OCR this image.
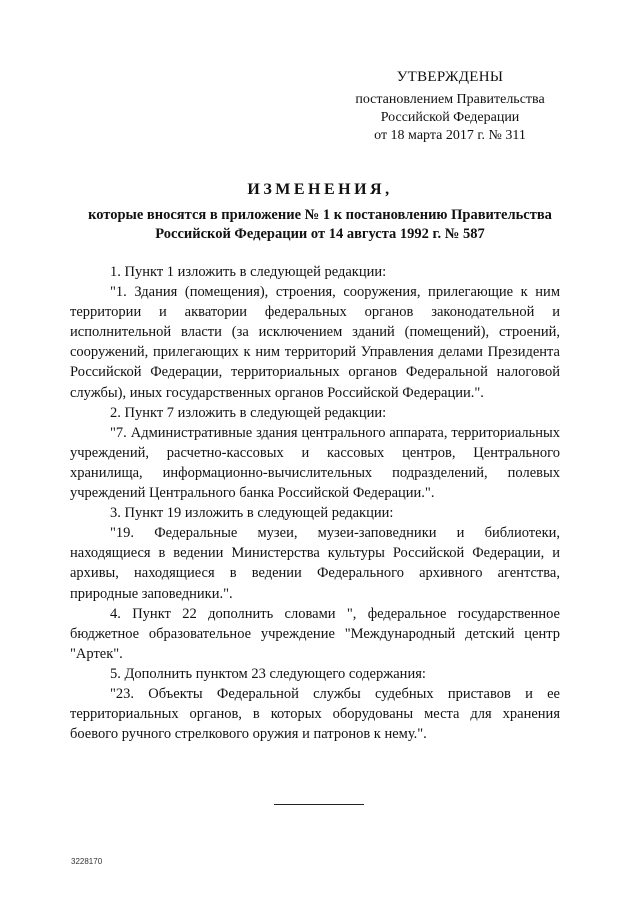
УТВЕРЖДЕНЫ
постановлением Правительства
Российской Федерации
от 18 марта 2017 г. № 311
ИЗМЕНЕНИЯ,
которые вносятся в приложение № 1 к постановлению Правительства Российской Федерации от 14 августа 1992 г. № 587

1. Пункт 1 изложить в следующей редакции:

"1. Здания (помещения), строения, сооружения, прилегающие к ним территории и акватории федеральных органов законодательной и исполнительной власти (за исключением зданий (помещений), строений, сооружений, прилегающих к ним территорий Управления делами Президента Российской Федерации, территориальных органов Федеральной налоговой службы), иных государственных органов Российской Федерации.".

2. Пункт 7 изложить в следующей редакции:

"7. Административные здания центрального аппарата, территориальных учреждений, расчетно-кассовых и кассовых центров, Центрального хранилища, информационно-вычислительных подразделений, полевых учреждений Центрального банка Российской Федерации.".

3. Пункт 19 изложить в следующей редакции:

"19. Федеральные музеи, музеи-заповедники и библиотеки, находящиеся в ведении Министерства культуры Российской Федерации, и архивы, находящиеся в ведении Федерального архивного агентства, природные заповедники.".

4. Пункт 22 дополнить словами ", федеральное государственное бюджетное образовательное учреждение "Международный детский центр "Артек".

5. Дополнить пунктом 23 следующего содержания:

"23. Объекты Федеральной службы судебных приставов и ее территориальных органов, в которых оборудованы места для хранения боевого ручного стрелкового оружия и патронов к нему.".

3228170
